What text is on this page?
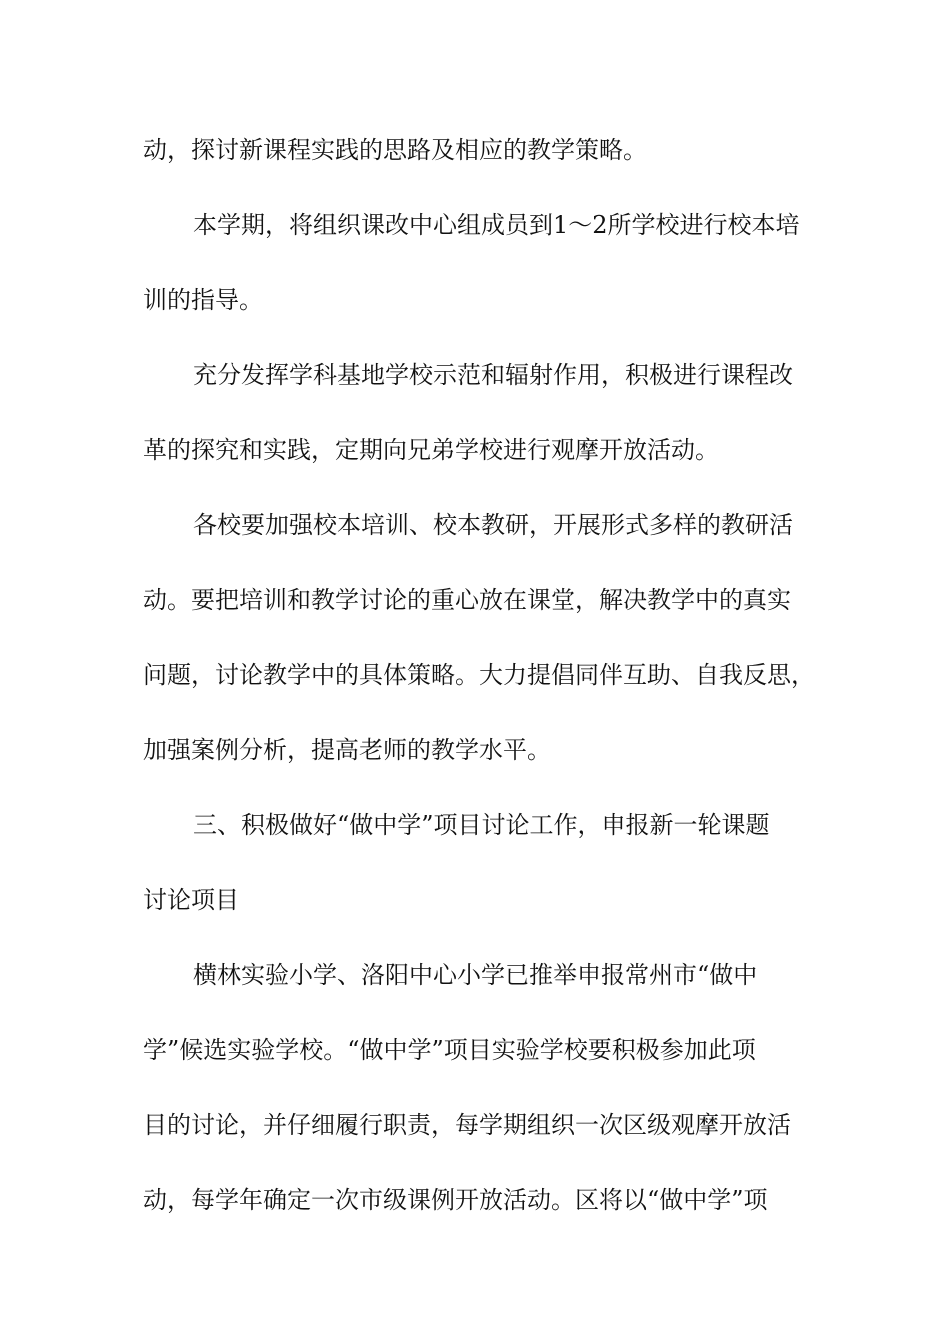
动，探讨新课程实践的思路及相应的教学策略。
本学期，将组织课改中心组成员到1～2所学校进行校本培
训的指导。
充分发挥学科基地学校示范和辐射作用，积极进行课程改
革的探究和实践，定期向兄弟学校进行观摩开放活动。
各校要加强校本培训、校本教研，开展形式多样的教研活
动。要把培训和教学讨论的重心放在课堂，解决教学中的真实
问题，讨论教学中的具体策略。大力提倡同伴互助、自我反思，
加强案例分析，提高老师的教学水平。
三、积极做好“做中学”项目讨论工作，申报新一轮课题
讨论项目
横林实验小学、洛阳中心小学已推举申报常州市“做中
学”候选实验学校。“做中学”项目实验学校要积极参加此项
目的讨论，并仔细履行职责，每学期组织一次区级观摩开放活
动，每学年确定一次市级课例开放活动。区将以“做中学”项
